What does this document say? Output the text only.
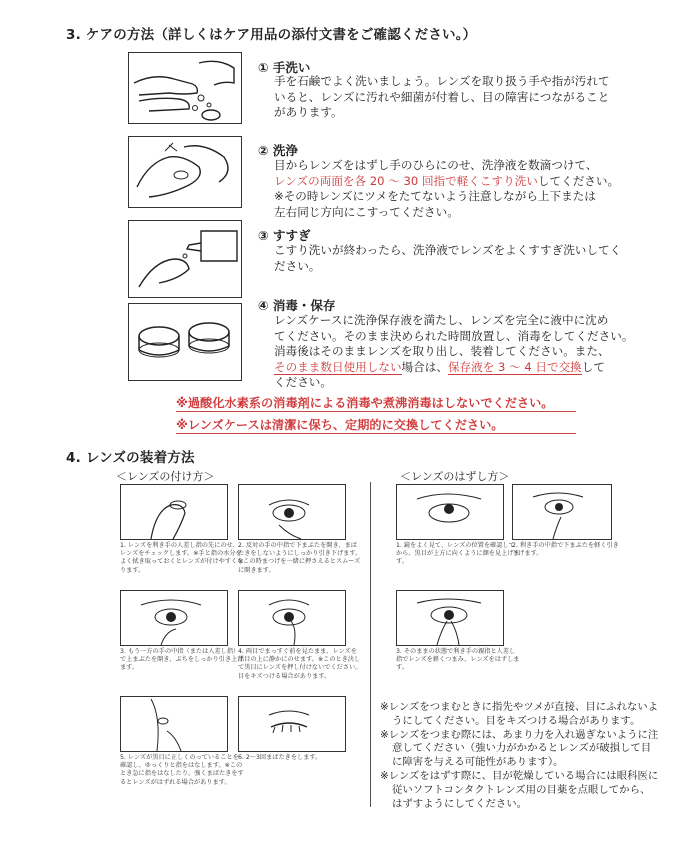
3. ケアの方法（詳しくはケア用品の添付文書をご確認ください。）
① 手洗い
手を石鹸でよく洗いましょう。レンズを取り扱う手や指が汚れて
いると、レンズに汚れや細菌が付着し、目の障害につながること
があります。
② 洗浄
目からレンズをはずし手のひらにのせ、洗浄液を数滴つけて、
レンズの両面を各 20 ～ 30 回指で軽くこすり洗いしてください。
※その時レンズにツメをたてないよう注意しながら上下または
左右同じ方向にこすってください。
③ すすぎ
こすり洗いが終わったら、洗浄液でレンズをよくすすぎ洗いしてく
ださい。
④ 消毒・保存
レンズケースに洗浄保存液を満たし、レンズを完全に液中に沈め
てください。そのまま決められた時間放置し、消毒をしてください。
消毒後はそのままレンズを取り出し、装着してください。また、
そのまま数日使用しない場合は、保存液を 3 ～ 4 日で交換して
ください。
※過酸化水素系の消毒剤による消毒や煮沸消毒はしないでください。
※レンズケースは清潔に保ち、定期的に交換してください。
4. レンズの装着方法
＜レンズの付け方＞	＜レンズのはずし方＞
1. レンズを利き手の人差し指の先にのせ、レンズをチェックします。※手と指の水分をよく拭き取っておくとレンズが付けやすくなります。
2. 反対の手の中指で下まぶたを開き、まばたきをしないようにしっかり引き下げます。※この時まつげを一緒に押さえるとスムーズに開きます。
3. もう一方の手の中指（または人差し指）で上まぶたを開き、ぶちをしっかり引き上げます。
4. 両目でまっすぐ前を見たまま、レンズを黒目の上に静かにのせます。※このとき決して黒目にレンズを押し付けないでください。目をキズつける場合があります。
5. レンズが黒目に正しくのっていることを確認し、ゆっくりと指をはなします。※このとき急に指をはなしたり、強くまばたきをするとレンズがはずれる場合があります。
6. 2～3回まばたきをします。
1. 鏡をよく見て、レンズの位置を確認してから、黒目が上方に向くように顔を見上げます。
2. 利き手の中指で下まぶたを軽く引き下げます。
3. そのままの状態で利き手の親指と人差し指でレンズを軽くつまみ、レンズをはずします。
※レンズをつまむときに指先やツメが直接、目にふれないようにしてください。目をキズつける場合があります。
※レンズをつまむ際には、あまり力を入れ過ぎないように注意してください（強い力がかかるとレンズが破損して目に障害を与える可能性があります）。
※レンズをはずす際に、目が乾燥している場合には眼科医に従いソフトコンタクトレンズ用の目薬を点眼してから、はずすようにしてください。
